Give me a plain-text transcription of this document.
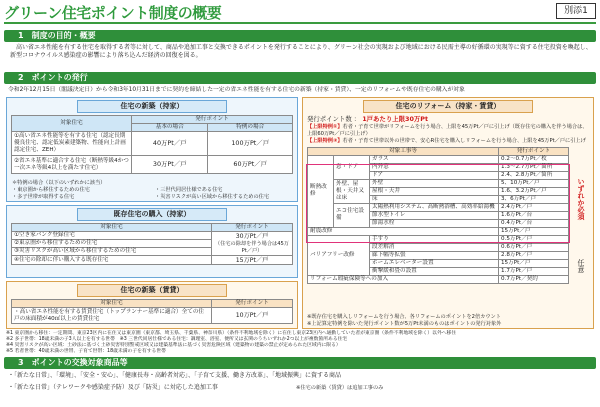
グリーン住宅ポイント制度の概要	別添1
1　制度の目的・概要
　高い省エネ性能を有する住宅を取得する者等に対して、商品や追加工事と交換できるポイントを発行することにより、グリーン社会の実現および地域における民需主導の好循環の実現等に資する住宅投資を喚起し、新型コロナウイルス感染症の影響により落ち込んだ経済の回復を図る。
2　ポイントの発行
令和2年12月15日（閣議決定日）から令和3年10月31日までに契約を締結した一定の省エネ性能を有する住宅の新築（持家・賃貸）、一定のリフォームや既存住宅の購入が対象
住宅の新築（持家）
対象住宅	発行ポイント	
	基本の場合	特例の場合
①高い省エネ性能等を有する住宅（認定長期優良住宅、認定低炭素建築物、性能向上計画認定住宅、ZEH）	40万Pt／戸	100万Pt／戸
②省エネ基準に適合する住宅（断熱等級4かつ一次エネ等級4以上を満たす住宅）	30万Pt／戸	60万Pt／戸
＊特例の場合（以下のいずれかに該当）
・東京圏から移住するための住宅
・多子世帯が取得する住宅
・三世代同居仕様である住宅
・災害リスクが高い区域から移住するための住宅
既存住宅の購入（持家）
対象住宅	発行ポイント
①空き家バンク登録住宅	30万Pt／戸
（住宅の除却を伴う場合は45万Pt／戸）

②東京圏から移住するための住宅	
③災害リスクが高い区域から移住するための住宅	
④住宅の除却に伴い購入する既存住宅	15万Pt／戸
住宅の新築（賃貸）
対象住宅	発行ポイント
・高い省エネ性能を有する賃貸住宅（トップランナー基準に適合）全ての住戸の床面積が40㎡以上の賃貸住宅	10万Pt／戸
住宅のリフォーム（持家・賃貸）
発行ポイント数 ： 1戸あたり上限30万Pt
【上限特例①】若者・子育て世帯がリフォームを行う場合、上限を45万Pt／戸に引上げ（既存住宅の購入を伴う場合は、上限60万Pt／戸に引上げ）
【上限特例②】若者・子育て世帯以外の世帯で、安心R住宅を購入しリフォームを行う場合、上限を45万Pt／戸に引上げ
対象工事等			発行ポイント
断熱改修	窓・ドア	ガラス	0.2〜0.7万Pt／枚
		内外窓	1.3〜2.7万Pt／箇所
		ドア	2.4、2.8万Pt／箇所
	外壁、屋根・天井又は床	外壁	5、10万Pt／戸
		屋根・天井	1.6、3.2万Pt／戸
		床	3、6万Pt／戸
	エコ住宅設備	太陽熱利用システム、高断熱浴槽、高効率給湯機	2.4万Pt／戸
		節水型トイレ	1.6万Pt／台
		節湯水栓	0.4万Pt／台
耐震改修			15万Pt／戸
バリアフリー改修		手すり	0.5万Pt／戸
		段差解消	0.6万Pt／戸
		廊下幅等拡張	2.8万Pt／戸
		ホームエレベーター設置	15万Pt／戸
		衝撃緩和畳の設置	1.7万Pt／戸
リフォーム瑕疵保険等への加入			0.7万Pt／契約
いずれか必須
任意
※既存住宅を購入しリフォームを行う場合、各リフォームのポイントを2倍カウント
※上記算定特例を除いた発行ポイント数が5万Pt未満のものはポイントの発行対象外
※1 東京圏から移住：一定期間、東京23区内に在住又は東京圏（東京都、埼玉県、千葉県、神奈川県）（条件不利地域を除く）に在住し東京23区内へ通勤していた者が東京圏（条件不利地域を除く）以外へ移住
※2 多子世帯：18歳未満の子3人以上を有する世帯　※3 三世代同居仕様である住宅：調理室、浴室、便所又は玄関のうちいずれか2つ以上が複数箇所ある住宅
※4 災害リスクが高い区域：土砂法に基づく土砂災害特別警戒区域又は建築基準法に基づく災害危険区域（建築物の建築の禁止が定められた区域内に限る）
※5 若者世帯：40歳未満の世帯、子育て世帯：18歳未満の子を有する世帯
3　ポイントの交換対象商品等
・「新たな日常」、「環境」、「安全・安心」、「健康長寿・高齢者対応」、「子育て支援、働き方改革」、「地域振興」に資する商品
・「新たな日常」（テレワークや感染症予防）及び「防災」に対応した追加工事	※住宅の新築（賃貸）は追加工事のみ
